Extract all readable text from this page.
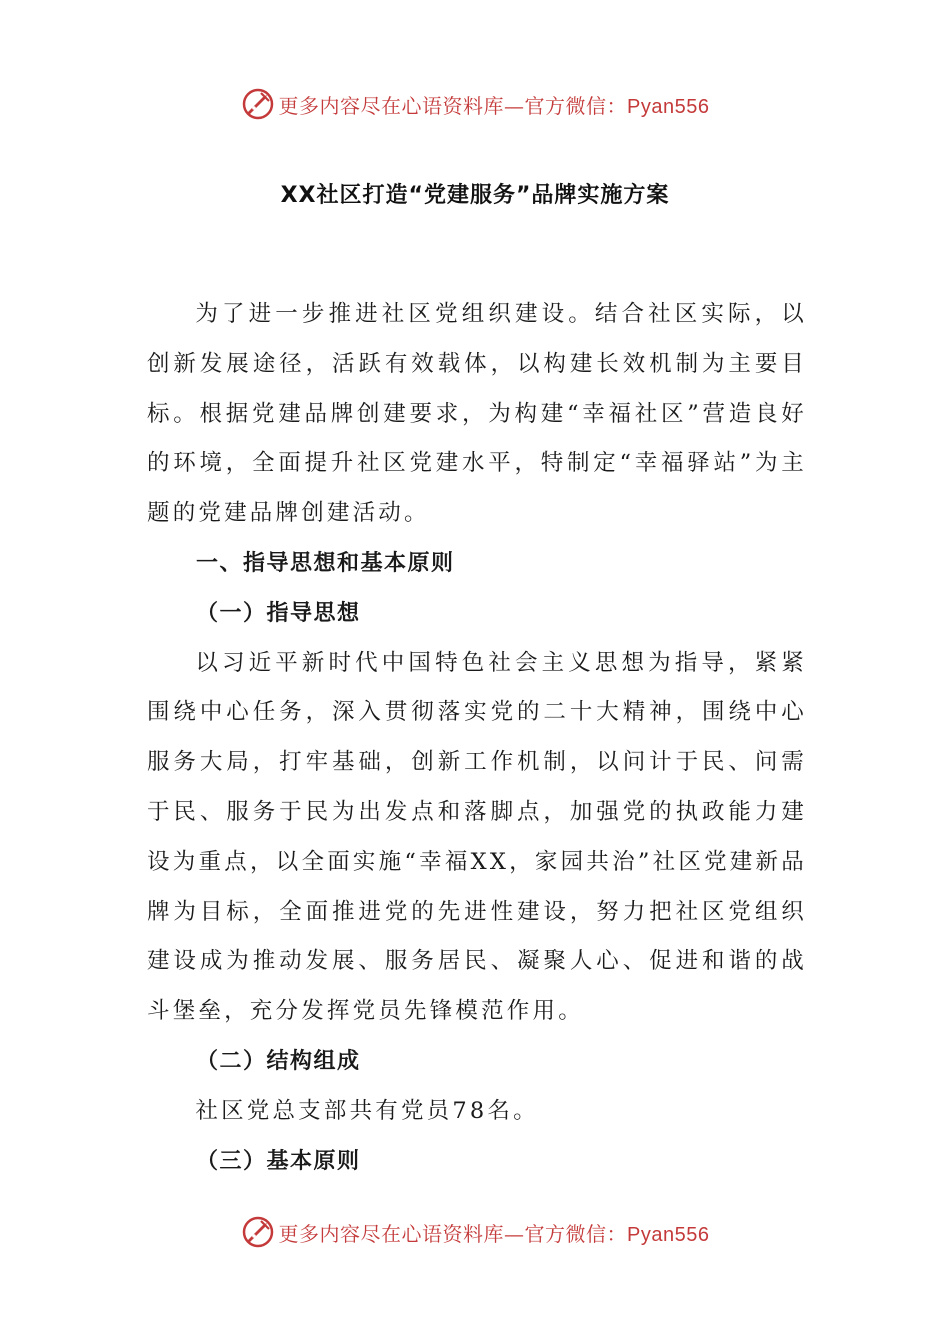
更多内容尽在心语资料库—官方微信：Pyan556
XX社区打造“党建服务”品牌实施方案

为了进一步推进社区党组织建设。结合社区实际，以创新发展途径，活跃有效载体，以构建长效机制为主要目标。根据党建品牌创建要求，为构建“幸福社区”营造良好的环境，全面提升社区党建水平，特制定“幸福驿站”为主题的党建品牌创建活动。

一、指导思想和基本原则
（一）指导思想

以习近平新时代中国特色社会主义思想为指导，紧紧围绕中心任务，深入贯彻落实党的二十大精神，围绕中心服务大局，打牢基础，创新工作机制，以问计于民、问需于民、服务于民为出发点和落脚点，加强党的执政能力建设为重点，以全面实施“幸福XX，家园共治”社区党建新品牌为目标，全面推进党的先进性建设，努力把社区党组织建设成为推动发展、服务居民、凝聚人心、促进和谐的战斗堡垒，充分发挥党员先锋模范作用。

（二）结构组成

社区党总支部共有党员78名。

（三）基本原则
更多内容尽在心语资料库—官方微信：Pyan556
